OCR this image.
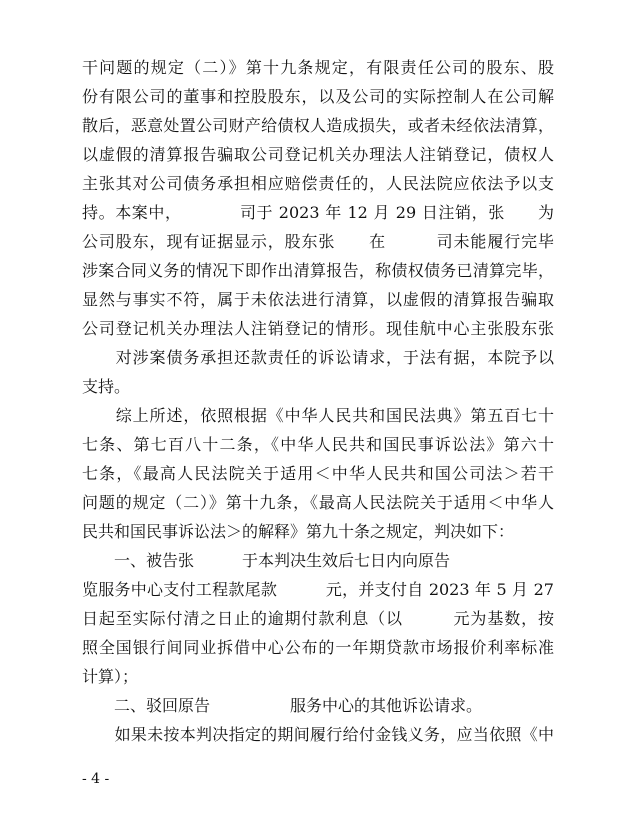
干问题的规定（二）》第十九条规定，有限责任公司的股东、股
份有限公司的董事和控股股东，以及公司的实际控制人在公司解
散后，恶意处置公司财产给债权人造成损失，或者未经依法清算，
以虚假的清算报告骗取公司登记机关办理法人注销登记，债权人
主张其对公司债务承担相应赔偿责任的，人民法院应依法予以支
持。本案中，　　　　司于 2023 年 12 月 29 日注销，张　　为
公司股东，现有证据显示，股东张　　在　　　司未能履行完毕
涉案合同义务的情况下即作出清算报告，称债权债务已清算完毕，
显然与事实不符，属于未依法进行清算，以虚假的清算报告骗取
公司登记机关办理法人注销登记的情形。现佳航中心主张股东张
　　对涉案债务承担还款责任的诉讼请求，于法有据，本院予以
支持。
　　综上所述，依照根据《中华人民共和国民法典》第五百七十
七条、第七百八十二条，《中华人民共和国民事诉讼法》第六十
七条，《最高人民法院关于适用＜中华人民共和国公司法＞若干
问题的规定（二）》第十九条，《最高人民法院关于适用＜中华人
民共和国民事诉讼法＞的解释》第九十条之规定，判决如下：
　　一、被告张　　　于本判决生效后七日内向原告
览服务中心支付工程款尾款　　　元，并支付自 2023 年 5 月 27
日起至实际付清之日止的逾期付款利息（以　　　元为基数，按
照全国银行间同业拆借中心公布的一年期贷款市场报价利率标准
计算）；
　　二、驳回原告　　　　　服务中心的其他诉讼请求。
　　如果未按本判决指定的期间履行给付金钱义务，应当依照《中
- 4 -
